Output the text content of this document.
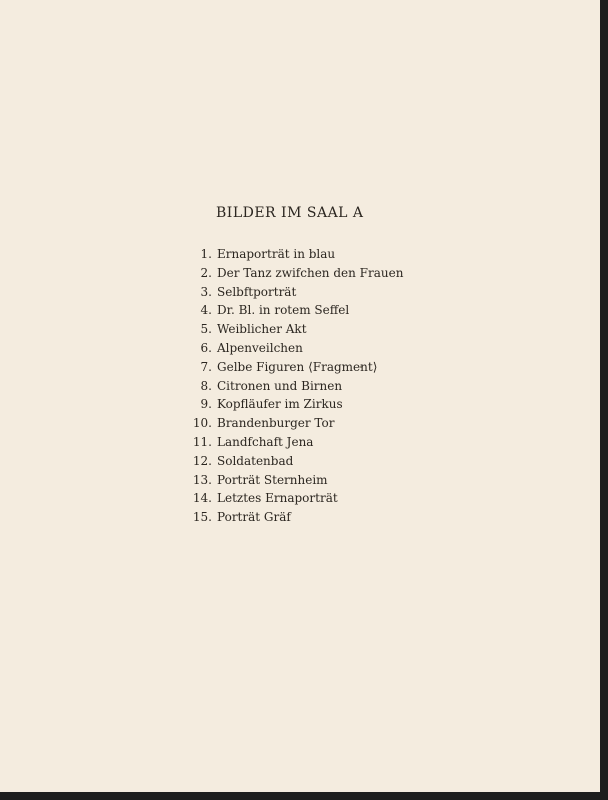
BILDER IM SAAL A
1. Ernaporträt in blau
2. Der Tanz zwifchen den Frauen
3. Selbftporträt
4. Dr. Bl. in rotem Seffel
5. Weiblicher Akt
6. Alpenveilchen
7. Gelbe Figuren ⟨Fragment⟩
8. Citronen und Birnen
9. Kopfläufer im Zirkus
10. Brandenburger Tor
11. Landfchaft Jena
12. Soldatenbad
13. Porträt Sternheim
14. Letztes Ernaporträt
15. Porträt Gräf
